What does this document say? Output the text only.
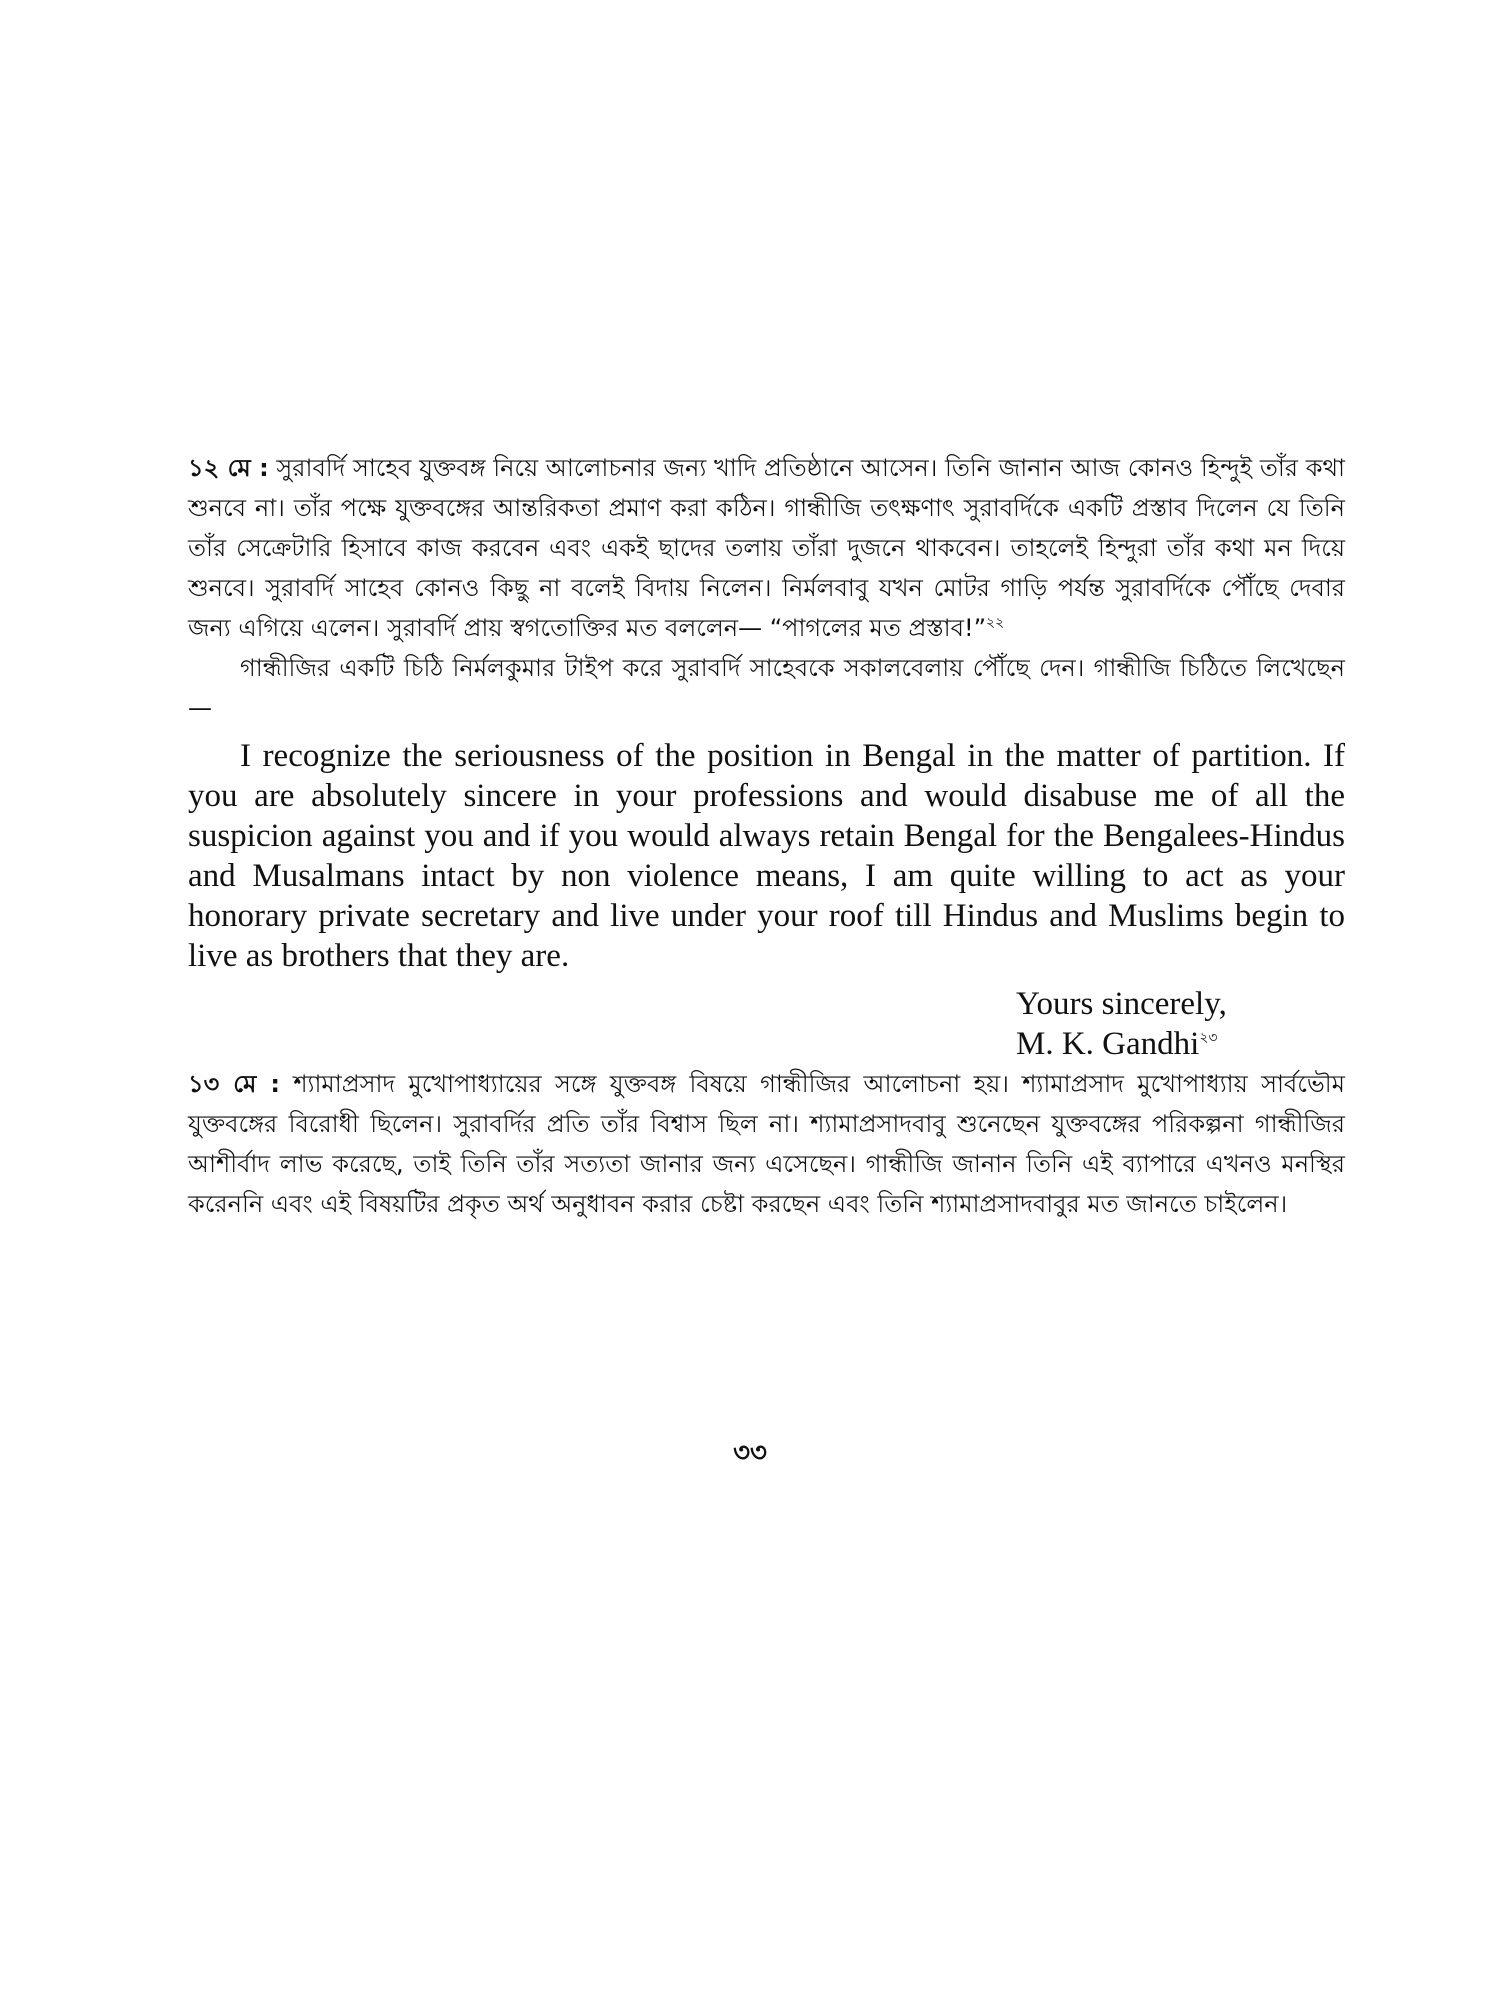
১২ মে : সুরাবর্দি সাহেব যুক্তবঙ্গ নিয়ে আলোচনার জন্য খাদি প্রতিষ্ঠানে আসেন। তিনি জানান আজ কোনও হিন্দুই তাঁর কথা শুনবে না। তাঁর পক্ষে যুক্তবঙ্গের আন্তরিকতা প্রমাণ করা কঠিন। গান্ধীজি তৎক্ষণাৎ সুরাবর্দিকে একটি প্রস্তাব দিলেন যে তিনি তাঁর সেক্রেটারি হিসাবে কাজ করবেন এবং একই ছাদের তলায় তাঁরা দুজনে থাকবেন। তাহলেই হিন্দুরা তাঁর কথা মন দিয়ে শুনবে। সুরাবর্দি সাহেব কোনও কিছু না বলেই বিদায় নিলেন। নির্মলবাবু যখন মোটর গাড়ি পর্যন্ত সুরাবর্দিকে পৌঁছে দেবার জন্য এগিয়ে এলেন। সুরাবর্দি প্রায় স্বগতোক্তির মত বললেন— “পাগলের মত প্রস্তাব!”$^{২২}$

গান্ধীজির একটি চিঠি নির্মলকুমার টাইপ করে সুরাবর্দি সাহেবকে সকালবেলায় পৌঁছে দেন। গান্ধীজি চিঠিতে লিখেছেন—

I recognize the seriousness of the position in Bengal in the matter of partition. If you are absolutely sincere in your professions and would disabuse me of all the suspicion against you and if you would always retain Bengal for the Bengalees-Hindus and Musalmans intact by non violence means, I am quite willing to act as your honorary private secretary and live under your roof till Hindus and Muslims begin to live as brothers that they are.

Yours sincerely,

M. K. Gandhi$^{২৩}$

১৩ মে : শ্যামাপ্রসাদ মুখোপাধ্যায়ের সঙ্গে যুক্তবঙ্গ বিষয়ে গান্ধীজির আলোচনা হয়। শ্যামাপ্রসাদ মুখোপাধ্যায় সার্বভৌম যুক্তবঙ্গের বিরোধী ছিলেন। সুরাবর্দির প্রতি তাঁর বিশ্বাস ছিল না। শ্যামাপ্রসাদবাবু শুনেছেন যুক্তবঙ্গের পরিকল্পনা গান্ধীজির আশীর্বাদ লাভ করেছে, তাই তিনি তাঁর সত্যতা জানার জন্য এসেছেন। গান্ধীজি জানান তিনি এই ব্যাপারে এখনও মনস্থির করেননি এবং এই বিষয়টির প্রকৃত অর্থ অনুধাবন করার চেষ্টা করছেন এবং তিনি শ্যামাপ্রসাদবাবুর মত জানতে চাইলেন।

৩৩
